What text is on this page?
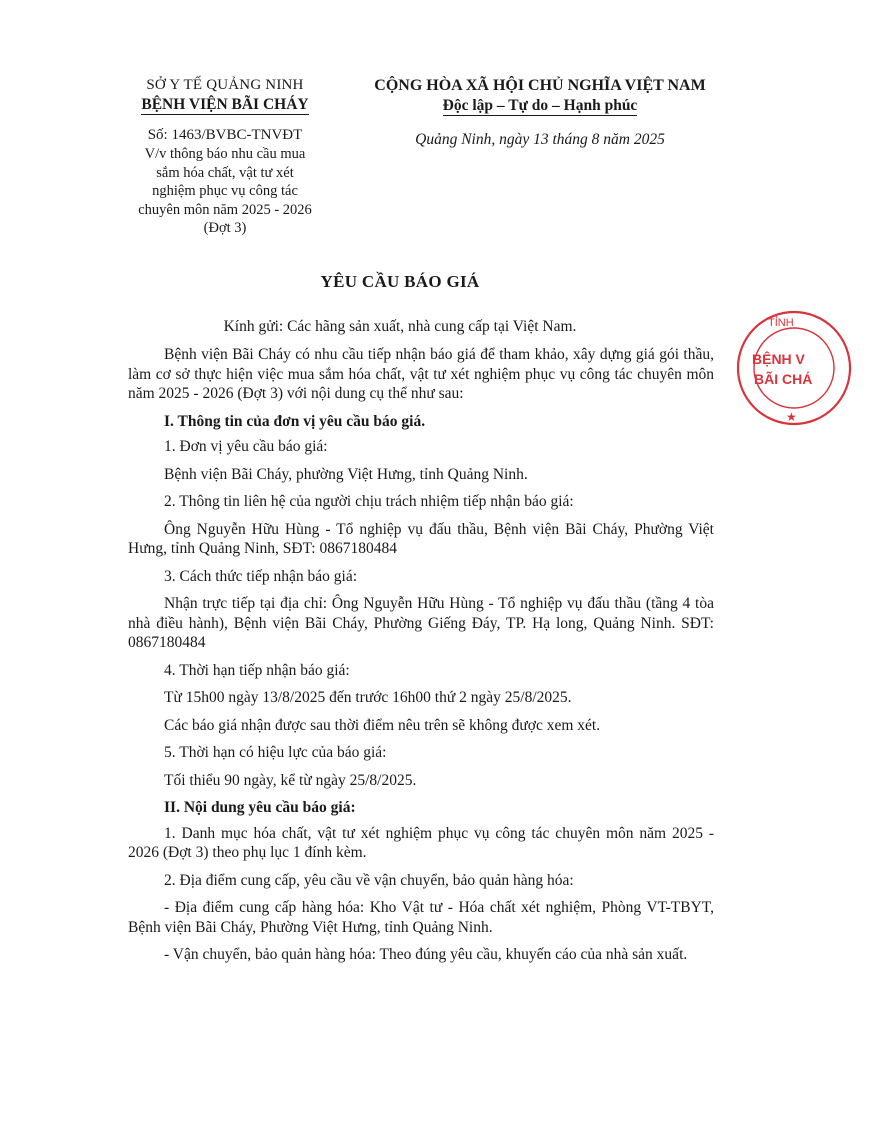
SỞ Y TẾ QUẢNG NINH
BỆNH VIỆN BÃI CHÁY
Số: 1463/BVBC-TNVĐT
V/v thông báo nhu cầu mua
sắm hóa chất, vật tư xét
nghiệm phục vụ công tác
chuyên môn năm 2025 - 2026
(Đợt 3)
CỘNG HÒA XÃ HỘI CHỦ NGHĨA VIỆT NAM
Độc lập – Tự do – Hạnh phúc
Quảng Ninh, ngày 13 tháng 8 năm 2025
YÊU CẦU BÁO GIÁ
Kính gửi: Các hãng sản xuất, nhà cung cấp tại Việt Nam.

Bệnh viện Bãi Cháy có nhu cầu tiếp nhận báo giá để tham khảo, xây dựng giá gói thầu, làm cơ sở thực hiện việc mua sắm hóa chất, vật tư xét nghiệm phục vụ công tác chuyên môn năm 2025 - 2026 (Đợt 3) với nội dung cụ thể như sau:

I. Thông tin của đơn vị yêu cầu báo giá.

1. Đơn vị yêu cầu báo giá:

Bệnh viện Bãi Cháy, phường Việt Hưng, tỉnh Quảng Ninh.

2. Thông tin liên hệ của người chịu trách nhiệm tiếp nhận báo giá:

Ông Nguyễn Hữu Hùng - Tổ nghiệp vụ đấu thầu, Bệnh viện Bãi Cháy, Phường Việt Hưng, tỉnh Quảng Ninh, SĐT: 0867180484

3. Cách thức tiếp nhận báo giá:

Nhận trực tiếp tại địa chỉ: Ông Nguyễn Hữu Hùng - Tổ nghiệp vụ đấu thầu (tầng 4 tòa nhà điều hành), Bệnh viện Bãi Cháy, Phường Giếng Đáy, TP. Hạ long, Quảng Ninh. SĐT: 0867180484

4. Thời hạn tiếp nhận báo giá:

Từ 15h00 ngày 13/8/2025 đến trước 16h00 thứ 2 ngày 25/8/2025.

Các báo giá nhận được sau thời điểm nêu trên sẽ không được xem xét.

5. Thời hạn có hiệu lực của báo giá:

Tối thiểu 90 ngày, kể từ ngày 25/8/2025.

II. Nội dung yêu cầu báo giá:

1. Danh mục hóa chất, vật tư xét nghiệm phục vụ công tác chuyên môn năm 2025 - 2026 (Đợt 3) theo phụ lục 1 đính kèm.

2. Địa điểm cung cấp, yêu cầu về vận chuyển, bảo quản hàng hóa:

- Địa điểm cung cấp hàng hóa: Kho Vật tư - Hóa chất xét nghiệm, Phòng VT-TBYT, Bệnh viện Bãi Cháy, Phường Việt Hưng, tỉnh Quảng Ninh.

- Vận chuyển, bảo quản hàng hóa: Theo đúng yêu cầu, khuyến cáo của nhà sản xuất.

TỈNH
BỆNH V
BÃI CHÁ
★
